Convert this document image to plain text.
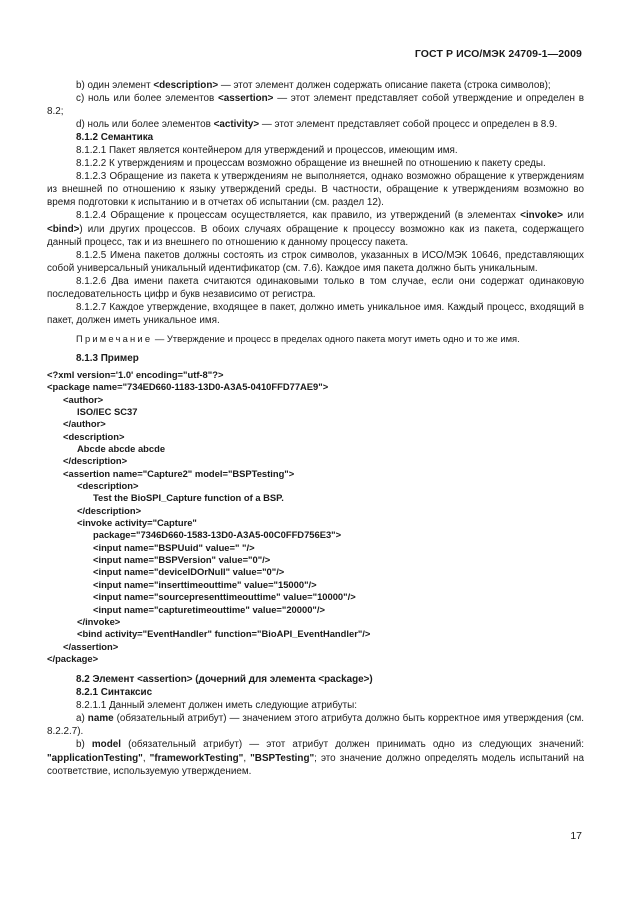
ГОСТ Р ИСО/МЭК 24709-1—2009

b) один элемент <description> — этот элемент должен содержать описание пакета (строка символов);

c) ноль или более элементов <assertion> — этот элемент представляет собой утверждение и определен в 8.2;

d) ноль или более элементов <activity> — этот элемент представляет собой процесс и определен в 8.9.

8.1.2 Семантика

8.1.2.1 Пакет является контейнером для утверждений и процессов, имеющим имя.

8.1.2.2 К утверждениям и процессам возможно обращение из внешней по отношению к пакету среды.

8.1.2.3 Обращение из пакета к утверждениям не выполняется, однако возможно обращение к утверждениям из внешней по отношению к языку утверждений среды. В частности, обращение к утверждениям возможно во время подготовки к испытанию и в отчетах об испытании (см. раздел 12).

8.1.2.4 Обращение к процессам осуществляется, как правило, из утверждений (в элементах <invoke> или <bind>) или других процессов. В обоих случаях обращение к процессу возможно как из пакета, содержащего данный процесс, так и из внешнего по отношению к данному процессу пакета.

8.1.2.5 Имена пакетов должны состоять из строк символов, указанных в ИСО/МЭК 10646, представляющих собой универсальный уникальный идентификатор (см. 7.6). Каждое имя пакета должно быть уникальным.

8.1.2.6 Два имени пакета считаются одинаковыми только в том случае, если они содержат одинаковую последовательность цифр и букв независимо от регистра.

8.1.2.7 Каждое утверждение, входящее в пакет, должно иметь уникальное имя. Каждый процесс, входящий в пакет, должен иметь уникальное имя.

Примечание — Утверждение и процесс в пределах одного пакета могут иметь одно и то же имя.

8.1.3 Пример

<?xml version='1.0' encoding="utf-8"?>
<package name="734ED660-1183-13D0-A3A5-0410FFD77AE9">
<author>
ISO/IEC SC37
</author>
<description>
Abcde abcde abcde
</description>
<assertion name="Capture2" model="BSPTesting">
<description>
Test the BioSPI_Capture function of a BSP.
</description>
<invoke activity="Capture"
package="7346D660-1583-13D0-A3A5-00C0FFD756E3">
<input name="BSPUuid" value=" "/>
<input name="BSPVersion" value="0"/>
<input name="deviceIDOrNull" value="0"/>
<input name="inserttimeouttime" value="15000"/>
<input name="sourcepresenttimeouttime" value="10000"/>
<input name="capturetimeouttime" value="20000"/>
</invoke>
<bind activity="EventHandler" function="BioAPI_EventHandler"/>
</assertion>
</package>

8.2 Элемент <assertion> (дочерний для элемента <package>)

8.2.1 Синтаксис

8.2.1.1 Данный элемент должен иметь следующие атрибуты:

a) name (обязательный атрибут) — значением этого атрибута должно быть корректное имя утверждения (см. 8.2.2.7).

b) model (обязательный атрибут) — этот атрибут должен принимать одно из следующих значений: "applicationTesting", "frameworkTesting", "BSPTesting"; это значение должно определять модель испытаний на соответствие, используемую утверждением.

17
